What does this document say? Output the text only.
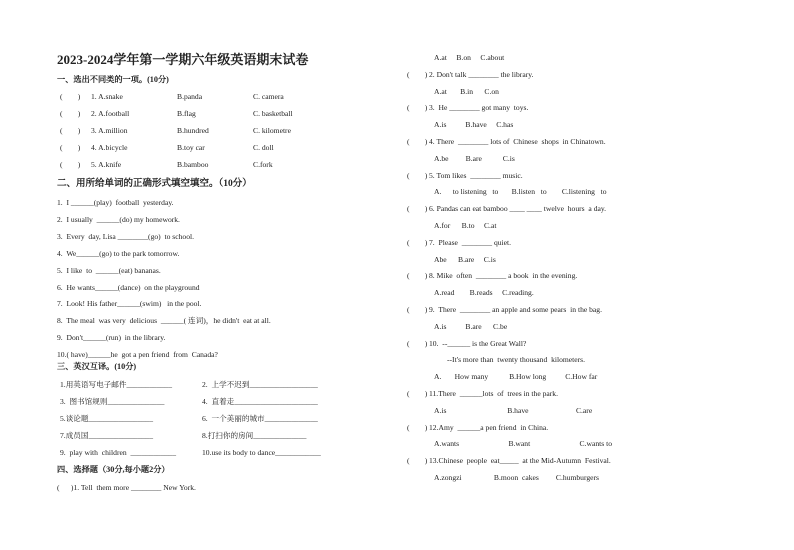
2023-2024学年第一学期六年级英语期末试卷
一、选出不同类的一项。(10分)
(        ) 1. A.snake	B.panda	C. camera
(        ) 2. A.football	B.flag	C. basketball
(        ) 3. A.million	B.hundred	C. kilometre
(        ) 4. A.bicycle	B.toy car	C. doll
(        ) 5. A.knife	B.bamboo	C.fork
二、用所给单词的正确形式填空填空。（10分）
1.  I ______(play)  football  yesterday.
2.  I usually  ______(do) my homework.
3.  Every  day, Lisa ________(go)  to school.
4.  We______(go) to the park tomorrow.
5.  I like  to  ______(eat) bananas.
6.  He wants______(dance)  on the playground
7.  Look! His father______(swim)   in the pool.
8.  The meal  was very  delicious  ______( 连词)，he didn't  eat at all.
9.  Don't______(run)  in the library.
10.( have)______he  got a pen friend  from  Canada?
三、英汉互译。(10分)
1.用英语写电子邮件____________	2.  上学不迟到__________________
3.  图书馆规则_______________	4.  直着走______________________
5.谈论题_________________	6.  一个美丽的城市______________
7.成员国_________________	8.打扫你的房间______________
9.  play with  children  ____________	10.use its body to dance____________
四、选择题（30分,每小题2分）
(      )1. Tell  them more ________ New York.
A.at     B.on     C.about
(        ) 2. Don't talk ________ the library.
A.at       B.in      C.on
(        ) 3.  He ________ got many  toys.
A.is          B.have     C.has
(        ) 4. There  ________ lots of  Chinese  shops  in Chinatown.
A.be         B.are           C.is
(        ) 5. Tom likes  ________ music.
A.      to listening   to       B.listen   to        C.listening   to
(        ) 6. Pandas can eat bamboo ____ ____ twelve  hours  a day.
A.for      B.to     C.at
(        ) 7.  Please  ________ quiet.
Abe      B.are     C.is
(        ) 8. Mike  often  ________ a book  in the evening.
A.read        B.reads     C.reading.
(        ) 9.  There  ________ an apple and some pears  in the bag.
A.is          B.are      C.be
(        ) 10.  --______ is the Great Wall?
--It's more than  twenty thousand  kilometers.
A.       How many           B.How long          C.How far
(        ) 11.There  ______lots  of  trees in the park.
A.is                                B.have                         C.are
(        ) 12.Amy  ______a pen friend  in China.
A.wants                          B.want                          C.wants to
(        ) 13.Chinese  people  eat_____  at the Mid-Autumn  Festival.
A.zongzi                 B.moon  cakes         C.humburgers
